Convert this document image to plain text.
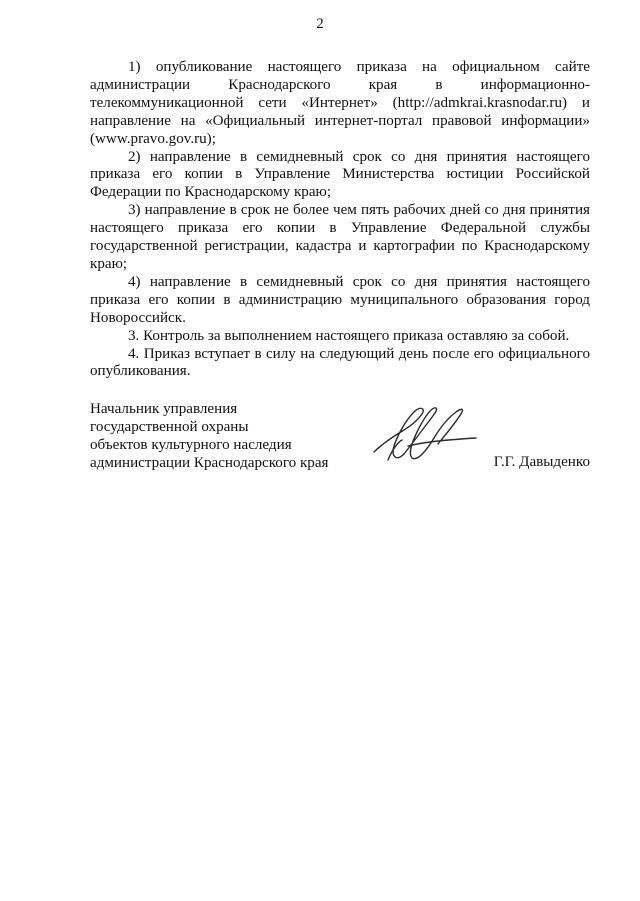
2

1) опубликование настоящего приказа на официальном сайте администрации Краснодарского края в информационно-телекоммуникационной сети «Интернет» (http://admkrai.krasnodar.ru) и направление на «Официальный интернет-портал правовой информации» (www.pravo.gov.ru);

2) направление в семидневный срок со дня принятия настоящего приказа его копии в Управление Министерства юстиции Российской Федерации по Краснодарскому краю;

3) направление в срок не более чем пять рабочих дней со дня принятия настоящего приказа его копии в Управление Федеральной службы государственной регистрации, кадастра и картографии по Краснодарскому краю;

4) направление в семидневный срок со дня принятия настоящего приказа его копии в администрацию муниципального образования город Новороссийск.

3. Контроль за выполнением настоящего приказа оставляю за собой.

4. Приказ вступает в силу на следующий день после его официального опубликования.

Начальник управления
государственной охраны
объектов культурного наследия
администрации Краснодарского края	Г.Г. Давыденко
